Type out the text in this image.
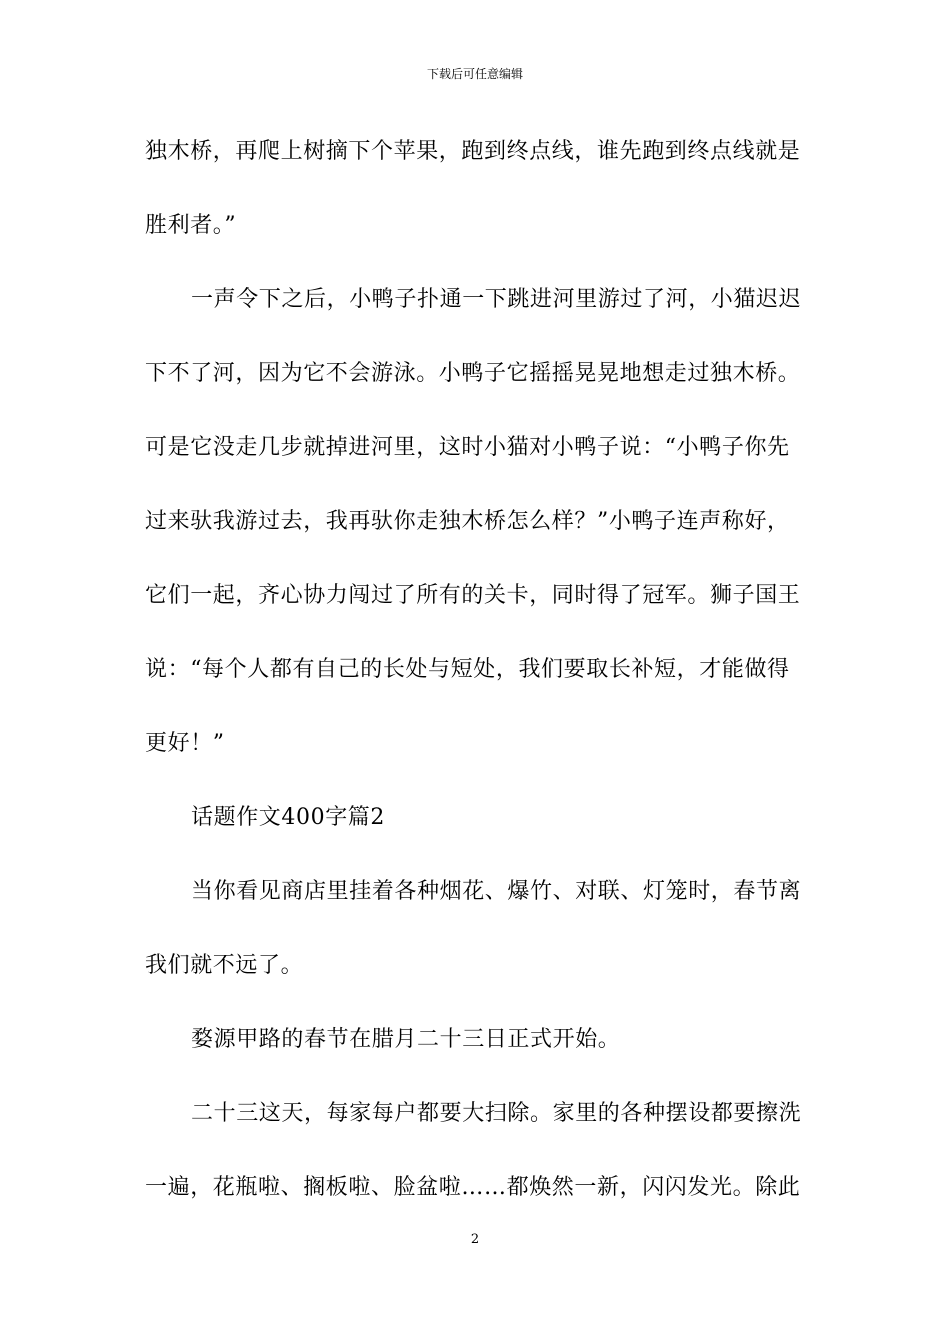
下载后可任意编辑
独木桥，再爬上树摘下个苹果，跑到终点线，谁先跑到终点线就是
胜利者。”
一声令下之后，小鸭子扑通一下跳进河里游过了河，小猫迟迟
下不了河，因为它不会游泳。小鸭子它摇摇晃晃地想走过独木桥。
可是它没走几步就掉进河里，这时小猫对小鸭子说：“小鸭子你先
过来驮我游过去，我再驮你走独木桥怎么样？”小鸭子连声称好，
它们一起，齐心协力闯过了所有的关卡，同时得了冠军。狮子国王
说：“每个人都有自己的长处与短处，我们要取长补短，才能做得
更好！”
话题作文400字篇2
当你看见商店里挂着各种烟花、爆竹、对联、灯笼时，春节离
我们就不远了。
婺源甲路的春节在腊月二十三日正式开始。
二十三这天，每家每户都要大扫除。家里的各种摆设都要擦洗
一遍，花瓶啦、搁板啦、脸盆啦……都焕然一新，闪闪发光。除此
2
